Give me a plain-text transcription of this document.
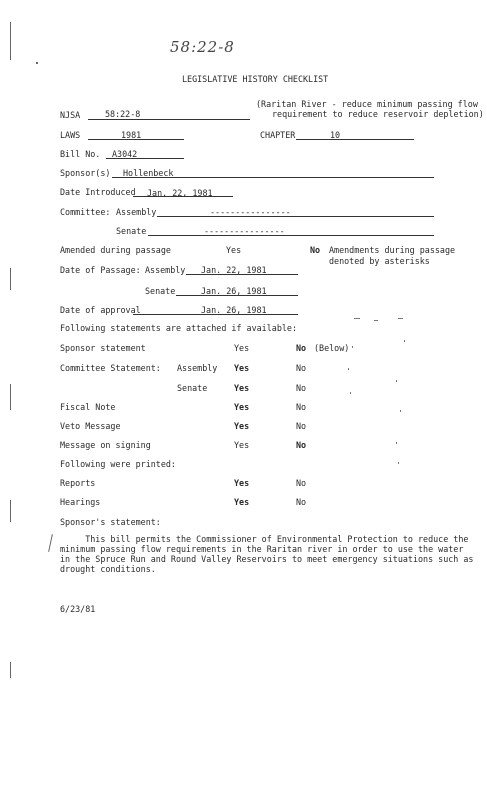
58:22-8
LEGISLATIVE HISTORY CHECKLIST
NJSA	58:22-8
(Raritan River - reduce minimum passing flow
requirement to reduce reservoir depletion)
LAWS	1981	CHAPTER	10
Bill No. A3042
Sponsor(s) Hollenbeck
Date Introduced Jan. 22, 1981
Committee: Assembly	----------------
Senate	----------------
Amended during passage	Yes	No Amendments during passage
denoted by asterisks
Date of Passage: Assembly Jan. 22, 1981
Senate	Jan. 26, 1981
Date of approval	Jan. 26, 1981
Following statements are attached if available:
Sponsor statement	Yes	No (Below)
Committee Statement: Assembly Yes	No
Senate	Yes	No
Fiscal Note	Yes	No
Veto Message	Yes	No
Message on signing	Yes	No
Following were printed:
Reports	Yes	No
Hearings	Yes	No
Sponsor's statement:
This bill permits the Commissioner of Environmental Protection to reduce the
minimum passing flow requirements in the Raritan river in order to use the water
in the Spruce Run and Round Valley Reservoirs to meet emergency situations such as
drought conditions.
6/23/81
